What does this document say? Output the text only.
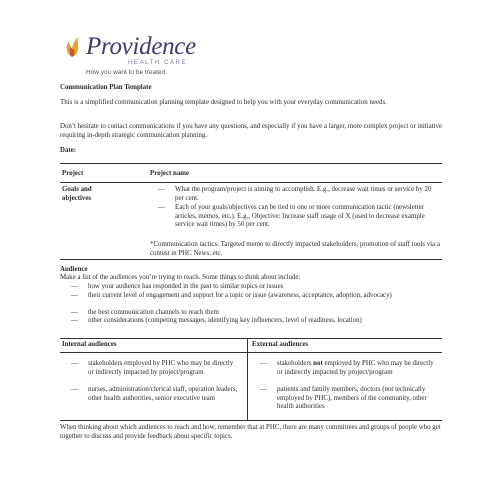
Providence
HEALTH CARE
How you want to be treated.
Communication Plan Template
This is a simplified communication planning template designed to help you with your everyday communication needs.
Don’t hesitate to contact communications if you have any questions, and especially if you have a larger, more complex project or initiative requiring in-depth strategic communication planning.
Date:
Project	Project name
Goals and objectives
— What the program/project is aiming to accomplish. E.g., decrease wait times or service by 20 per cent.
— Each of your goals/objectives can be tied to one or more communication tactic (newsletter articles, memos, etc.). E.g., Objective: Increase staff usage of X (used to decrease example service wait times) by 50 per cent.
*Communication tactics: Targeted memo to directly impacted stakeholders, promotion of staff tools via a contest in PHC News, etc.
Audience
Make a list of the audiences you’re trying to reach. Some things to think about include:
— how your audience has responded in the past to similar topics or issues
— their current level of engagement and support for a topic or issue (awareness, acceptance, adoption, advocacy)
— the best communication channels to reach them
— other considerations (competing messages, identifying key influencers, level of readiness, location)
Internal audiences	External audiences
— stakeholders employed by PHC who may be directly or indirectly impacted by project/program
— nurses, administration/clerical staff, operation leaders, other health authorities, senior executive team
— stakeholders not employed by PHC who may be directly or indirectly impacted by project/program
— patients and family members, doctors (not technically employed by PHC), members of the community, other health authorities
When thinking about which audiences to reach and how, remember that at PHC, there are many committees and groups of people who get together to discuss and provide feedback about specific topics.
